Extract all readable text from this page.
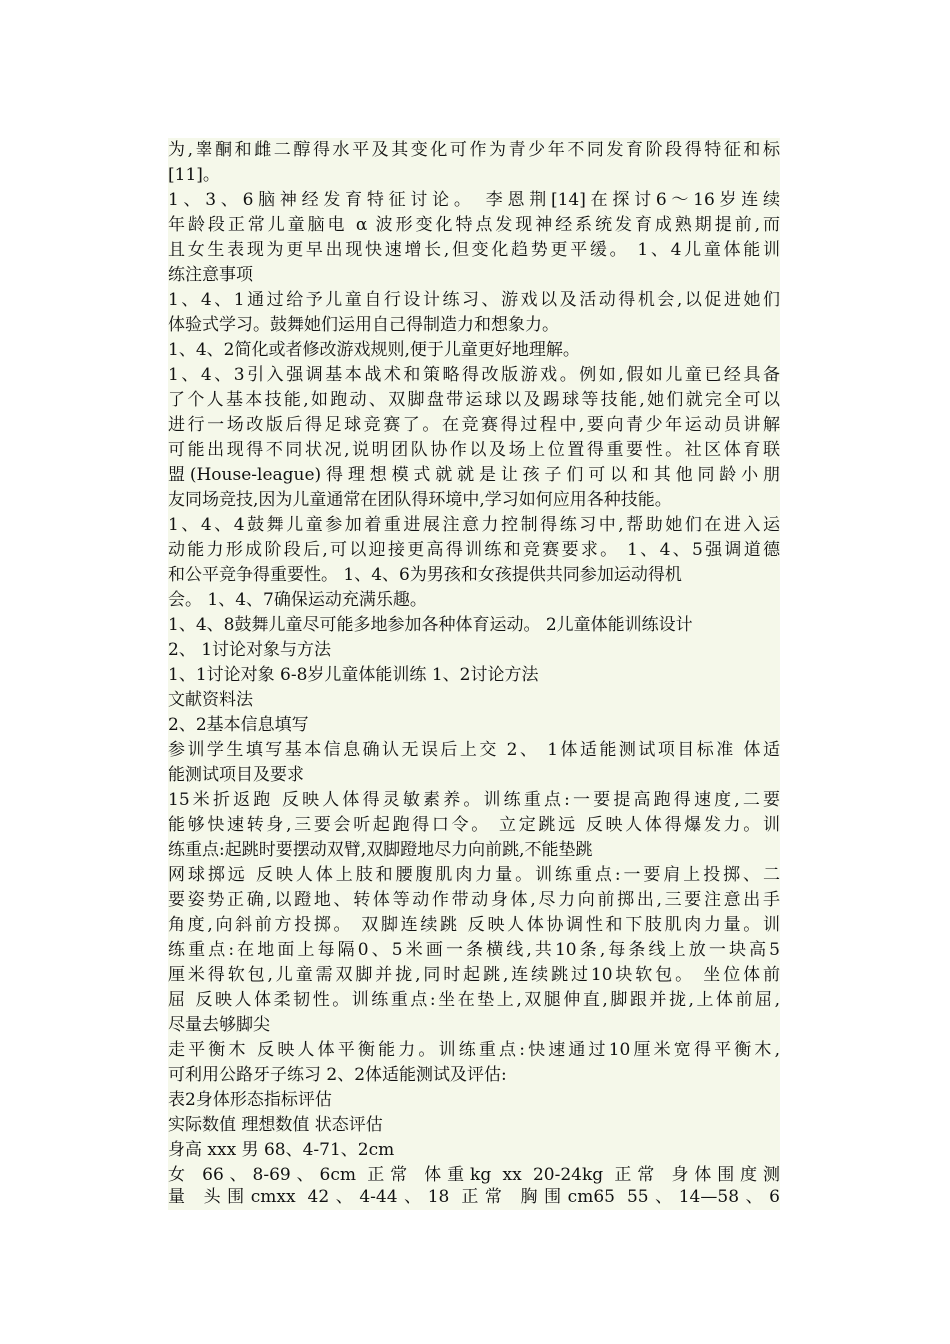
为,睾酮和雌二醇得水平及其变化可作为青少年不同发育阶段得特征和标
[11]。
1、3、6脑神经发育特征讨论。 李恩荆[14]在探讨6～16岁连续
年龄段正常儿童脑电 α 波形变化特点发现神经系统发育成熟期提前,而
且女生表现为更早出现快速增长,但变化趋势更平缓。 1、4儿童体能训
练注意事项
1、4、1通过给予儿童自行设计练习、游戏以及活动得机会,以促进她们
体验式学习。鼓舞她们运用自己得制造力和想象力。
1、4、2简化或者修改游戏规则,便于儿童更好地理解。
1、4、3引入强调基本战术和策略得改版游戏。例如,假如儿童已经具备
了个人基本技能,如跑动、双脚盘带运球以及踢球等技能,她们就完全可以
进行一场改版后得足球竞赛了。在竞赛得过程中,要向青少年运动员讲解
可能出现得不同状况,说明团队协作以及场上位置得重要性。社区体育联
盟(House-league)得理想模式就就是让孩子们可以和其他同龄小朋
友同场竞技,因为儿童通常在团队得环境中,学习如何应用各种技能。
1、4、4鼓舞儿童参加着重进展注意力控制得练习中,帮助她们在进入运
动能力形成阶段后,可以迎接更高得训练和竞赛要求。 1、4、5强调道德
和公平竞争得重要性。 1、4、6为男孩和女孩提供共同参加运动得机
会。 1、4、7确保运动充满乐趣。
1、4、8鼓舞儿童尽可能多地参加各种体育运动。 2儿童体能训练设计
2、 1讨论对象与方法
1、1讨论对象 6-8岁儿童体能训练 1、2讨论方法
文献资料法
2、2基本信息填写
参训学生填写基本信息确认无误后上交 2、 1体适能测试项目标准 体适
能测试项目及要求
15米折返跑 反映人体得灵敏素养。训练重点:一要提高跑得速度,二要
能够快速转身,三要会听起跑得口令。 立定跳远 反映人体得爆发力。训
练重点:起跳时要摆动双臂,双脚蹬地尽力向前跳,不能垫跳
网球掷远 反映人体上肢和腰腹肌肉力量。训练重点:一要肩上投掷、二
要姿势正确,以蹬地、转体等动作带动身体,尽力向前掷出,三要注意出手
角度,向斜前方投掷。 双脚连续跳 反映人体协调性和下肢肌肉力量。训
练重点:在地面上每隔0、5米画一条横线,共10条,每条线上放一块高5
厘米得软包,儿童需双脚并拢,同时起跳,连续跳过10块软包。 坐位体前
屈 反映人体柔韧性。训练重点:坐在垫上,双腿伸直,脚跟并拢,上体前屈,
尽量去够脚尖
走平衡木 反映人体平衡能力。训练重点:快速通过10厘米宽得平衡木,
可利用公路牙子练习 2、2体适能测试及评估:
表2身体形态指标评估
实际数值 理想数值 状态评估
身高 xxx 男 68、4-71、2cm
女 66、8-69、6cm 正常 体重kg xx 20-24kg 正常 身体围度测
量 头围cmxx 42、4-44、18 正常 胸围cm65 55、14—58、6
